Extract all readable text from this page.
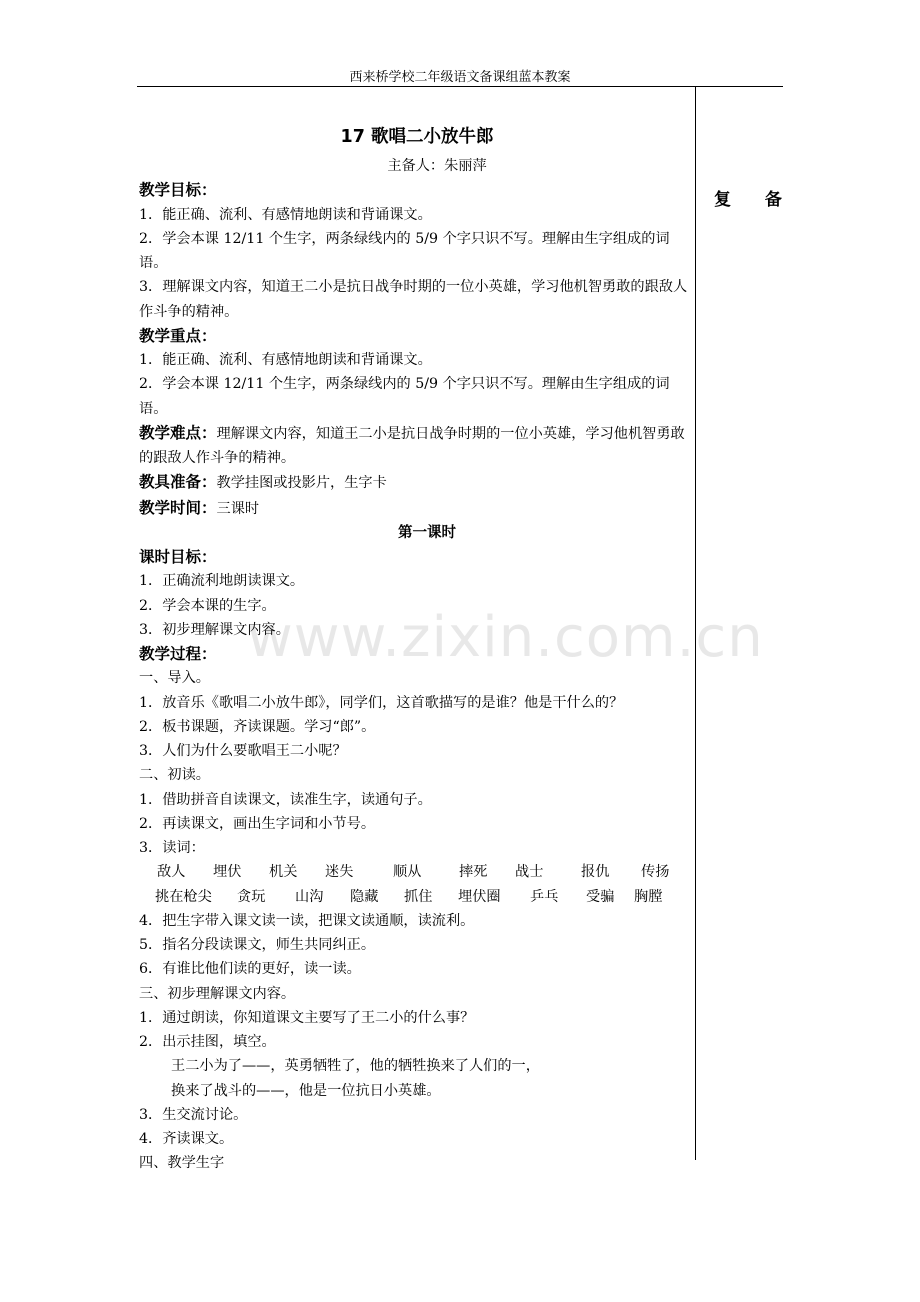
西来桥学校二年级语文备课组蓝本教案
复 备
www.zixin.com.cn

17 歌唱二小放牛郎

主备人：朱丽萍

教学目标：

1．能正确、流利、有感情地朗读和背诵课文。

2．学会本课 12/11 个生字，两条绿线内的 5/9 个字只识不写。理解由生字组成的词语。

3．理解课文内容，知道王二小是抗日战争时期的一位小英雄，学习他机智勇敢的跟敌人作斗争的精神。

教学重点：

1．能正确、流利、有感情地朗读和背诵课文。

2．学会本课 12/11 个生字，两条绿线内的 5/9 个字只识不写。理解由生字组成的词语。

教学难点：理解课文内容，知道王二小是抗日战争时期的一位小英雄，学习他机智勇敢的跟敌人作斗争的精神。

教具准备：教学挂图或投影片，生字卡

教学时间：三课时

第一课时

课时目标：

1．正确流利地朗读课文。

2．学会本课的生字。

3．初步理解课文内容。

教学过程：

一、导入。

1．放音乐《歌唱二小放牛郎》，同学们，这首歌描写的是谁？他是干什么的？

2．板书课题，齐读课题。学习“郎”。

3．人们为什么要歌唱王二小呢？

二、初读。

1．借助拼音自读课文，读准生字，读通句子。

2．再读课文，画出生字词和小节号。

3．读词：

敌人 埋伏 机关 迷失	顺从	摔死 战士	报仇 传扬

挑在枪尖 贪玩 山沟 隐藏 抓住 埋伏圈 乒乓 受骗 胸膛

4．把生字带入课文读一读，把课文读通顺，读流利。

5．指名分段读课文，师生共同纠正。

6．有谁比他们读的更好，读一读。

三、初步理解课文内容。

1．通过朗读，你知道课文主要写了王二小的什么事？

2．出示挂图，填空。

王二小为了——，英勇牺牲了，他的牺牲换来了人们的一，

换来了战斗的——，他是一位抗日小英雄。

3．生交流讨论。

4．齐读课文。

四、教学生字
